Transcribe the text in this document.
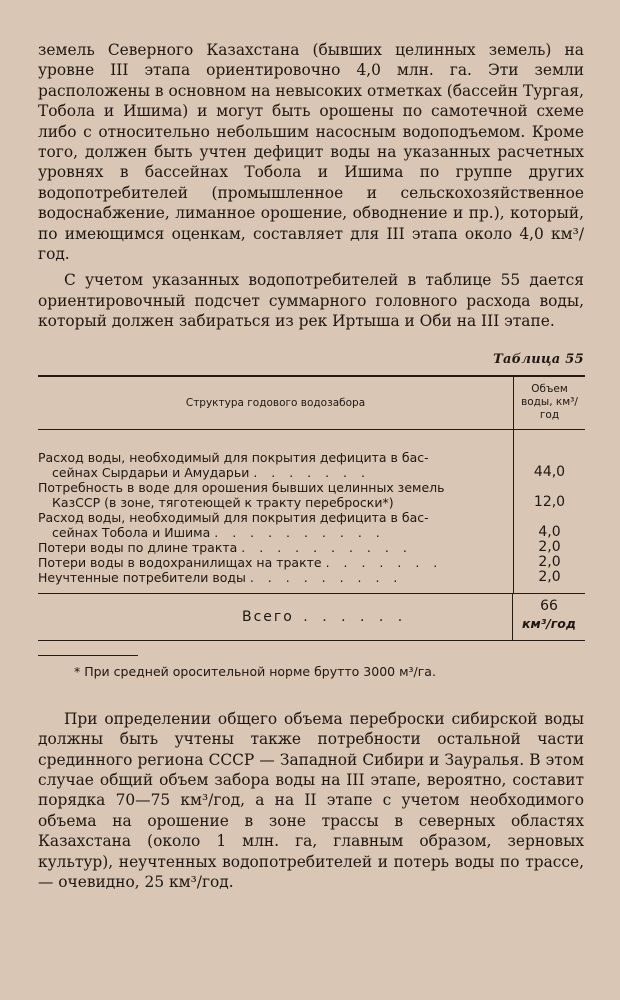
земель Северного Казахстана (бывших целинных земель) на уровне III этапа ориентировочно 4,0 млн. га. Эти земли расположены в основном на невысоких отметках (бассейн Тургая, Тобола и Ишима) и могут быть орошены по самотечной схеме либо с относительно небольшим насосным водоподъемом. Кроме того, должен быть учтен дефицит воды на указанных расчетных уровнях в бассейнах Тобола и Ишима по группе других водопотребителей (промышленное и сельскохозяйственное водоснабжение, лиманное орошение, обводнение и пр.), который, по имеющимся оценкам, составляет для III этапа около 4,0 км³/год.

С учетом указанных водопотребителей в таблице 55 дается ориентировочный подсчет суммарного головного расхода воды, который должен забираться из рек Иртыша и Оби на III этапе.

Таблица 55
Структура годового водозабора
Объем воды, км³/год
Расход воды, необходимый для покрытия дефицита в бас-
сейнах Сырдарьи и Амударьи . . . . . . .
Потребность в воде для орошения бывших целинных земель
КазССР (в зоне, тяготеющей к тракту переброски*)
Расход воды, необходимый для покрытия дефицита в бас-
сейнах Тобола и Ишима . . . . . . . . . .
Потери воды по длине тракта . . . . . . . . . .
Потери воды в водохранилищах на тракте . . . . . . .
Неучтенные потребители воды . . . . . . . . .
44,0
12,0
4,0
2,0
2,0
2,0
Всего . . . . . .
66
км³/год
* При средней оросительной норме брутто 3000 м³/га.

При определении общего объема переброски сибирской воды должны быть учтены также потребности остальной части срединного региона СССР — Западной Сибири и Зауралья. В этом случае общий объем забора воды на III этапе, вероятно, составит порядка 70—75 км³/год, а на II этапе с учетом необходимого объема на орошение в зоне трассы в северных областях Казахстана (около 1 млн. га, главным образом, зерновых культур), неучтенных водопотребителей и потерь воды по трассе,— очевидно, 25 км³/год.
